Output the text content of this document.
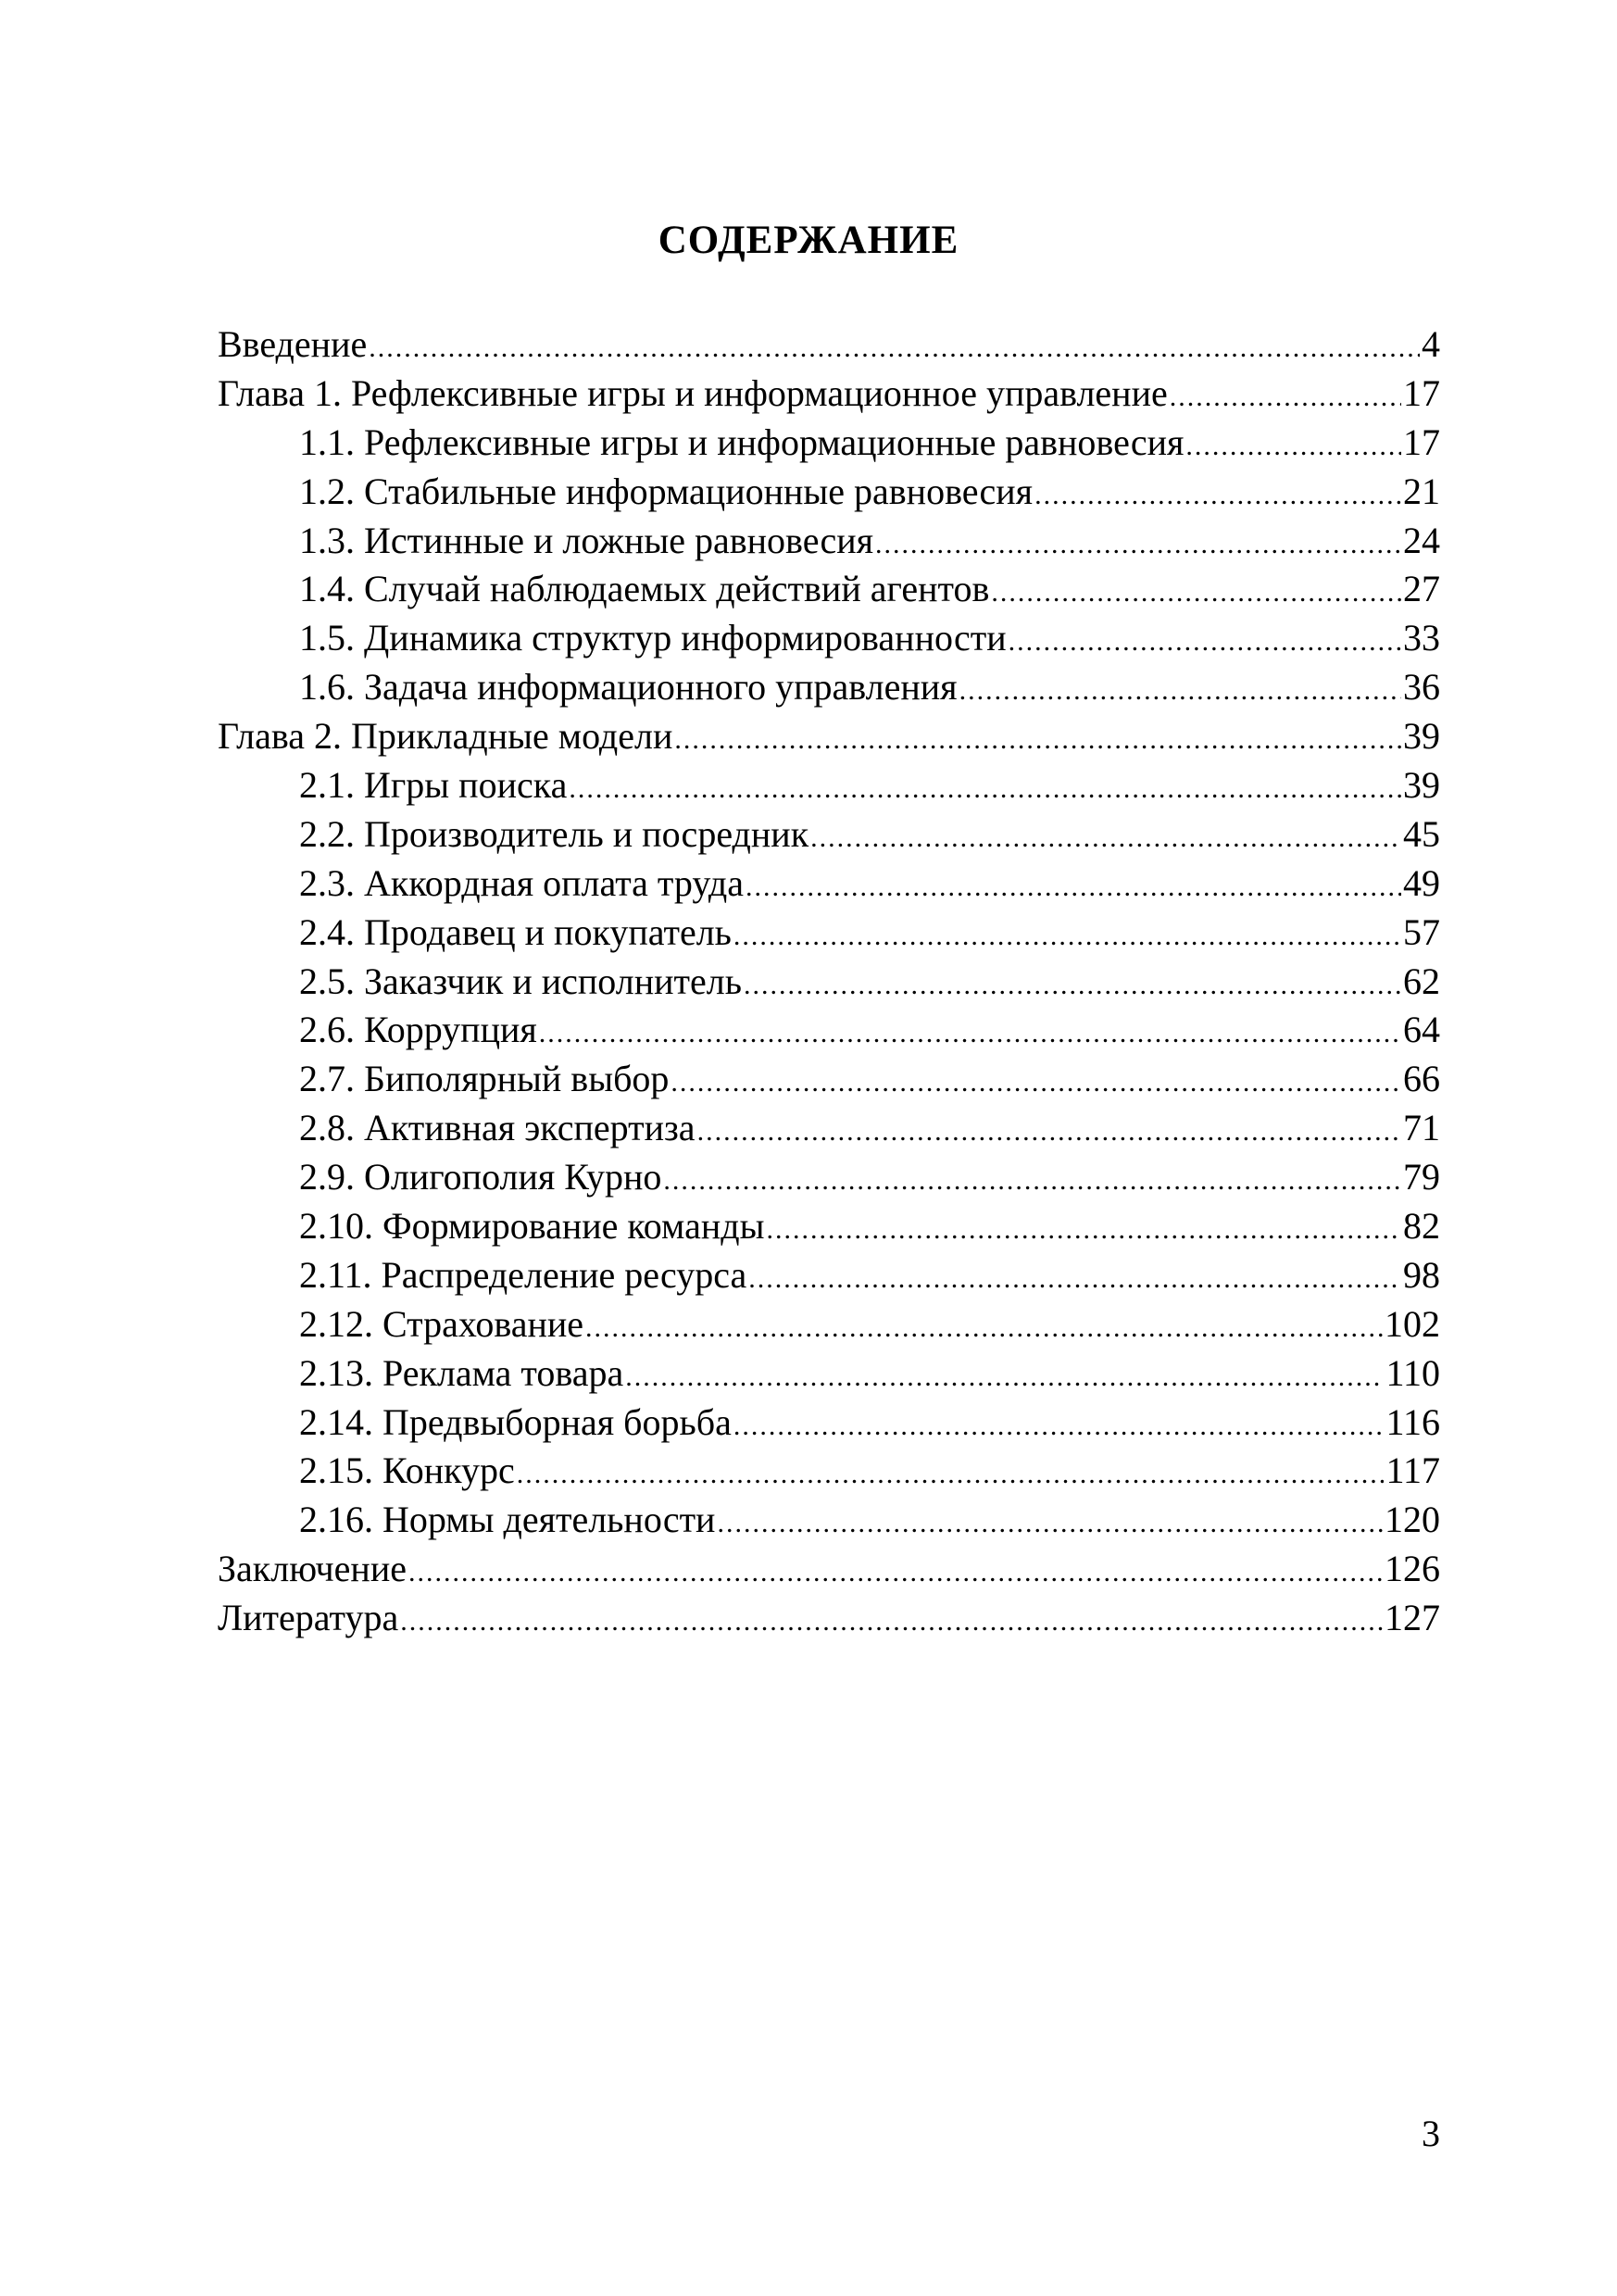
СОДЕРЖАНИЕ
Введение .....	4
Глава 1. Рефлексивные игры и информационное управление .....	17
1.1. Рефлексивные игры и информационные равновесия .....	17
1.2. Стабильные информационные равновесия .....	21
1.3. Истинные и ложные равновесия .....	24
1.4. Случай наблюдаемых действий агентов .....	27
1.5. Динамика структур информированности .....	33
1.6. Задача информационного управления .....	36
Глава 2. Прикладные модели .....	39
2.1. Игры поиска .....	39
2.2. Производитель и посредник .....	45
2.3. Аккордная оплата труда .....	49
2.4. Продавец и покупатель .....	57
2.5. Заказчик и исполнитель .....	62
2.6. Коррупция .....	64
2.7. Биполярный выбор .....	66
2.8. Активная экспертиза .....	71
2.9. Олигополия Курно .....	79
2.10. Формирование команды .....	82
2.11. Распределение ресурса .....	98
2.12. Страхование .....	102
2.13. Реклама товара .....	110
2.14. Предвыборная борьба .....	116
2.15. Конкурс .....	117
2.16. Нормы деятельности .....	120
Заключение .....	126
Литература .....	127
3
